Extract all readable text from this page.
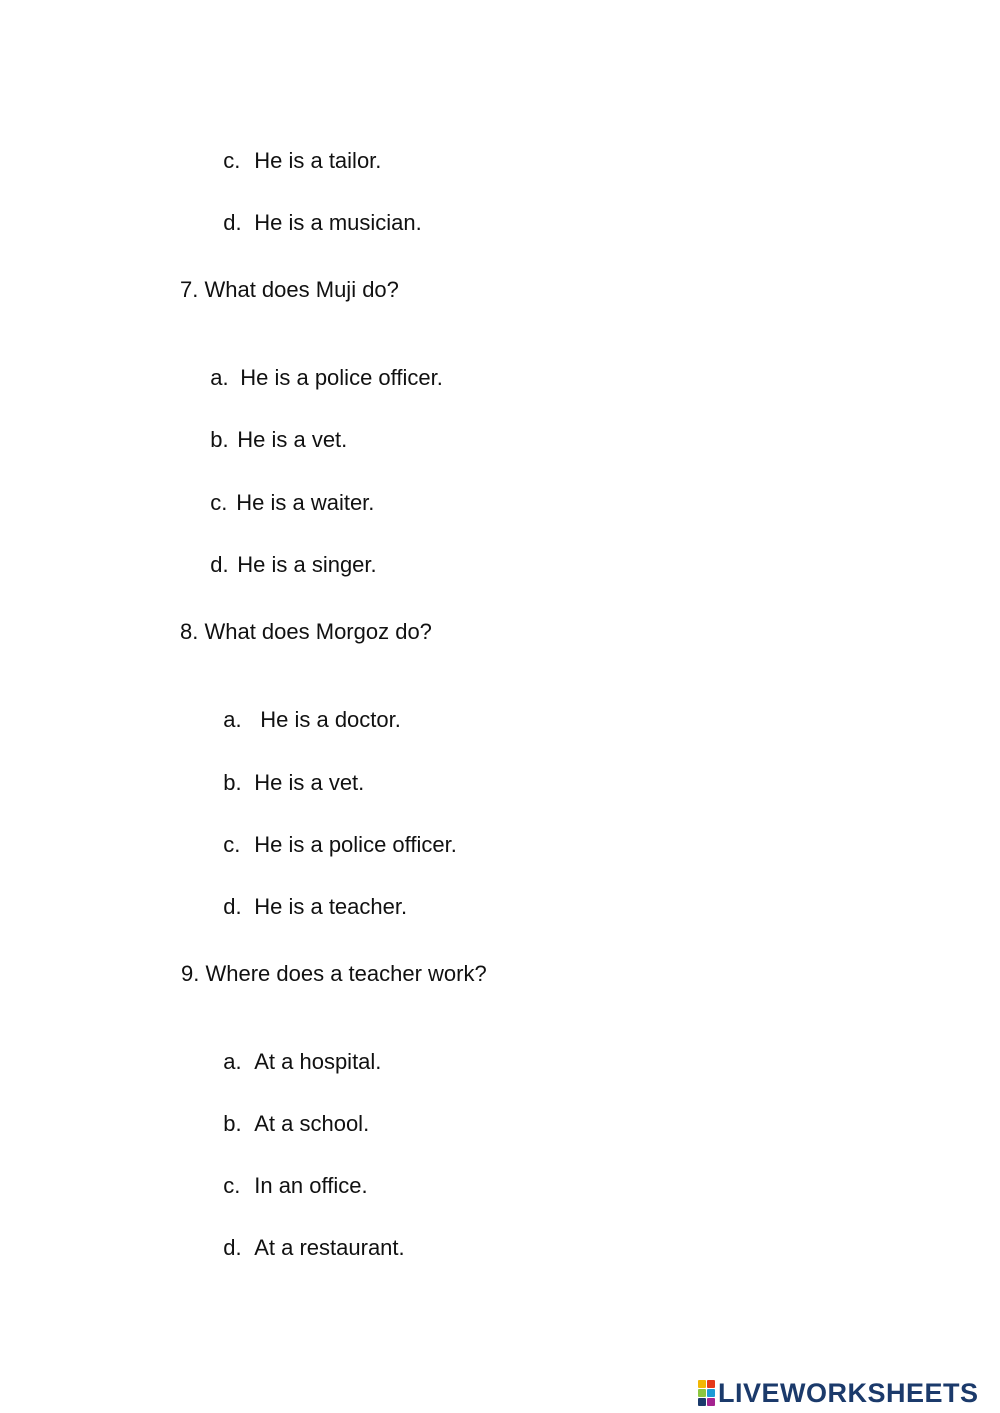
c. He is a tailor.

d. He is a musician.

7. What does Muji do?

a. He is a police officer.

b. He is a vet.

c. He is a waiter.

d. He is a singer.

8. What does Morgoz do?

a. He is a doctor.

b. He is a vet.

c. He is a police officer.

d. He is a teacher.

9. Where does a teacher work?

a. At a hospital.

b. At a school.

c. In an office.

d. At a restaurant.

LIVEWORKSHEETS
